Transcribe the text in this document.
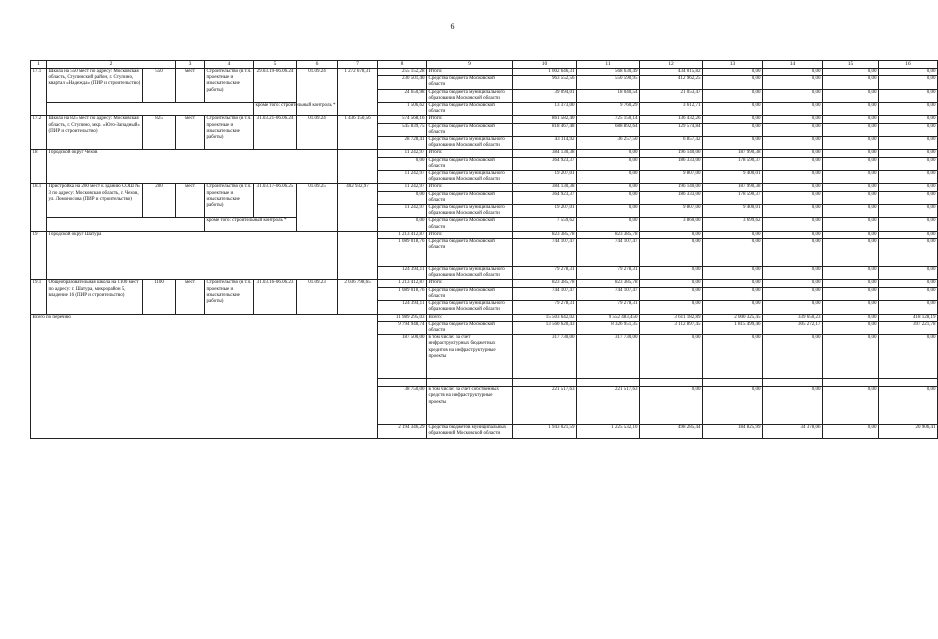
6
1	2		3	4	5	6	7	8	9	10	11	12	13	14	15	16
17.1	Школа на 550 мест по адресу: Московская область, Ступинский район, г. Ступино, квартал «Надежда» (ПИР и строительство)	550	мест	Строительство (в т.ч. проектные и изыскательские работы)	29.03.19-06.06.24	01.09.24	1 272 678,31	255 152,28	Итого:	1 002 646,31	568 630,49	434 015,82	0,00	0,00	0,00	0,00
								230 501,40	Средства бюджета Московской области	963 552,56	550 590,95	412 962,25	0,00	0,00	0,00	0,00
								24 650,98	Средства бюджета муниципального образования Московской области	39 094,01	18 040,54	21 053,47	0,00	0,00	0,00	0,00
					кроме того: строительный контроль *			1 506,62	Средства бюджета Московской области	13 373,00	9 760,29	3 612,71	0,00	0,00	0,00	0,00
17.2	Школа на 825 мест по адресу: Московская область, г. Ступино, мкр. «Юго-Западный» (ПИР и строительство)	825	мест	Строительство (в т.ч. проектные и изыскательские работы)	31.03.21-06.06.24	01.09.24	1 436 150,56	574 568,16	Итого:	861 582,40	725 150,14	136 432,26	0,00	0,00	0,00	0,00
								545 839,75	Средства бюджета Московской области	818 467,48	688 892,64	129 574,84	0,00	0,00	0,00	0,00
								28 728,41	Средства бюджета муниципального образования Московской области	43 114,92	36 257,50	6 857,42	0,00	0,00	0,00	0,00
18	Городской округ Чехов							11 242,97	Итого:	384 130,38	0,00	196 140,00	187 990,38	0,00	0,00	0,00
								0,00	Средства бюджета Московской области	364 923,37	0,00	186 333,00	178 590,37	0,00	0,00	0,00
								11 242,97	Средства бюджета муниципального образования Московской области	19 207,01	0,00	9 807,00	9 400,01	0,00	0,00	0,00
18.1	Пристройка на 200 мест к зданию СОШ № 3 по адресу: Московская область, г. Чехов, ул. Ломоносова (ПИР и строительство)	200	мест	Строительство (в т.ч. проектные и изыскательские работы)	31.03.17-06.06.25	01.09.25	402 932,97	11 242,97	Итого:	384 130,38	0,00	196 140,00	187 990,38	0,00	0,00	0,00
								0,00	Средства бюджета Московской области	364 923,37	0,00	186 333,00	178 590,37	0,00	0,00	0,00
								11 242,97	Средства бюджета муниципального образования Московской области	19 207,01	0,00	9 807,00	9 400,01	0,00	0,00	0,00
				кроме того: строительный контроль *				0,00	Средства бюджета Московской области	7 559,62	0,00	3 860,00	3 699,62	0,00	0,00	0,00
19	Городской округ Шатура							1 213 412,87	Итого:	823 385,78	823 385,78	0,00	0,00	0,00	0,00	0,00
								1 089 018,76	Средства бюджета Московской области	744 107,47	744 107,47	0,00	0,00	0,00	0,00	0,00
								124 394,11	Средства бюджета муниципального образования Московской области	79 278,31	79 278,31	0,00	0,00	0,00	0,00	0,00
19.1	Общеобразовательная школа на 1100 мест по адресу: г. Шатура, микрорайон 5, владение 16 (ПИР и строительство)	1100	мест	Строительство (в т.ч. проектные и изыскательские работы)	31.03.16-06.06.23	01.09.23	2 036 798,65	1 213 412,87	Итого:	823 385,78	823 385,78	0,00	0,00	0,00	0,00	0,00
								1 089 018,76	Средства бюджета Московской области	744 107,47	744 107,47	0,00	0,00	0,00	0,00	0,00
								124 394,11	Средства бюджета муниципального образования Московской области	79 278,31	79 278,31	0,00	0,00	0,00	0,00	0,00
Всего по перечню								11 989 295,03	Всего:	15 503 642,02	9 552 483,450	3 611 182,89	2 000 325,45	339 650,23	0,00	418 128,19
								9 794 948,74	Средства бюджета Московской области	13 560 620,43	8 326 951,35	3 112 897,45	1 815 499,46	305 272,17	0,00	397 221,78
								187 500,00	в том числе: за счет инфраструктурных бюджетных кредитов на инфраструктурные проекты	317 730,00	317 730,00	0,00	0,00	0,00	0,00	0,00

								38 750,00	в том числе: за счет собственных средств на инфраструктурные проекты	221 517,63	221 517,63	0,00	0,00	0,00	0,00	0,00
								2 194 346,29	Средства бюджетов муниципальных образований Московской области	1 943 021,59	1 225 532,10	498 285,44	184 825,99	34 378,06	0,00	20 906,41
